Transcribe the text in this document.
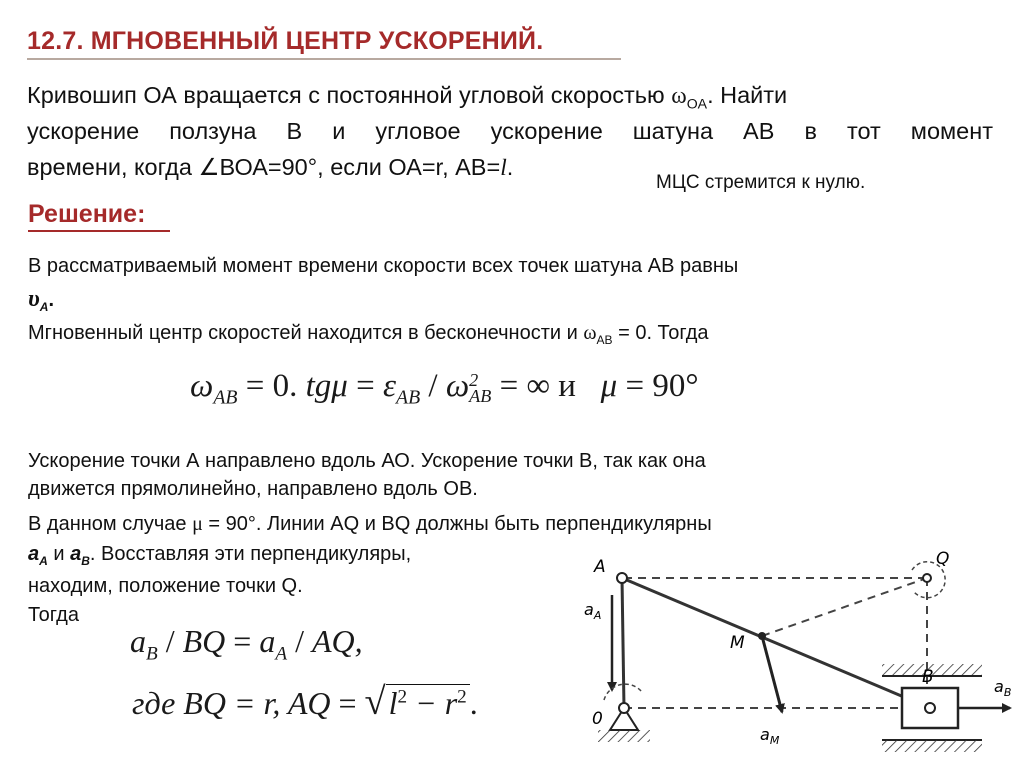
12.7. МГНОВЕННЫЙ ЦЕНТР УСКОРЕНИЙ.
Кривошип ОА вращается с постоянной угловой скоростью $\omega_{OA}$. Найти
ускорение ползуна В и угловое ускорение шатуна АВ в тот момент
времени, когда ∠ВОА=90°, если ОА=r, АВ=l.
МЦС стремится к нулю.
Решение:
В рассматриваемый момент времени скорости всех точек шатуна АВ равны
$\upsilon_A$.
Мгновенный центр скоростей находится в бесконечности и $\omega_{AB} = 0$. Тогда
$\omega_{AB} = 0$. $tg\mu = \varepsilon_{AB} / \omega$ 2
AB = ∞ и   μ = 90°
Ускорение точки А направлено вдоль АО. Ускорение точки В, так как она
движется прямолинейно, направлено вдоль ОВ.
В данном случае μ = 90°. Линии AQ и BQ должны быть перпендикулярны
$a_A$ и $a_B$. Восставляя эти перпендикуляры,
находим, положение точки Q.
Тогда
$a_B$ / BQ = $a_A$ / AQ,
где BQ = r, AQ = $√l^2 - r^2$.
A	Q
M
B
0
$a_A$
$a_M$
$a_B$
